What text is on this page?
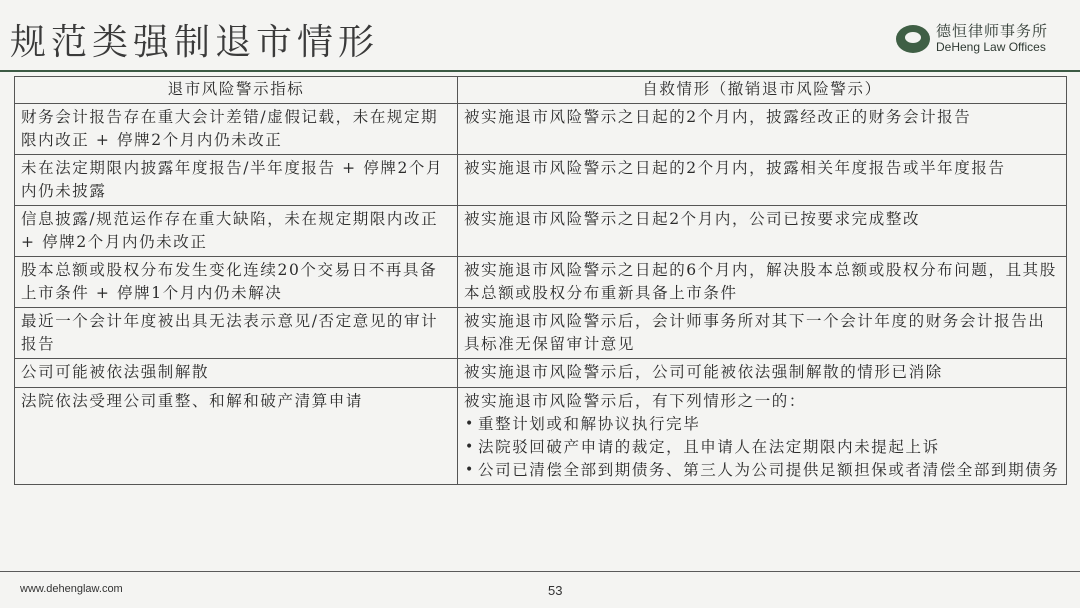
规范类强制退市情形	德恒律师事务所
DeHeng Law Offices
退市风险警示指标	自救情形（撤销退市风险警示）
财务会计报告存在重大会计差错/虚假记载，未在规定期限内改正 + 停牌2个月内仍未改正	被实施退市风险警示之日起的2个月内，披露经改正的财务会计报告
未在法定期限内披露年度报告/半年度报告 + 停牌2个月内仍未披露	被实施退市风险警示之日起的2个月内，披露相关年度报告或半年度报告
信息披露/规范运作存在重大缺陷，未在规定期限内改正 + 停牌2个月内仍未改正	被实施退市风险警示之日起2个月内，公司已按要求完成整改
股本总额或股权分布发生变化连续20个交易日不再具备上市条件 + 停牌1个月内仍未解决	被实施退市风险警示之日起的6个月内，解决股本总额或股权分布问题，且其股本总额或股权分布重新具备上市条件
最近一个会计年度被出具无法表示意见/否定意见的审计报告	被实施退市风险警示后，会计师事务所对其下一个会计年度的财务会计报告出具标准无保留审计意见
公司可能被依法强制解散	被实施退市风险警示后，公司可能被依法强制解散的情形已消除
法院依法受理公司重整、和解和破产清算申请	被实施退市风险警示后，有下列情形之一的：
• 重整计划或和解协议执行完毕
• 法院驳回破产申请的裁定，且申请人在法定期限内未提起上诉
• 公司已清偿全部到期债务、第三人为公司提供足额担保或者清偿全部到期债务
www.dehenglaw.com	53
